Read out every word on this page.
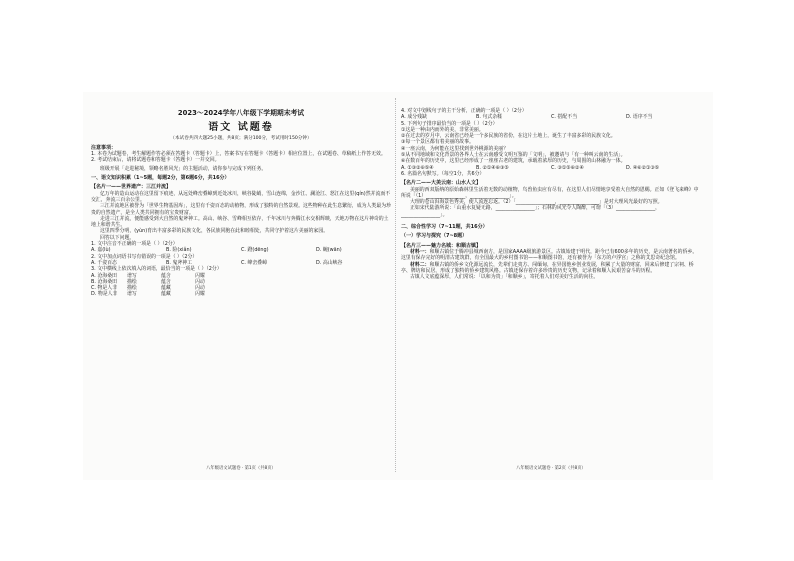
2023～2024学年八年级下学期期末考试
语文 试题卷
（本试卷共四大题25小题，共8页；满分100分，考试用时150分钟）
注意事项：

1. 本卷为试题卷，考生解题作答必须在答题卡（答题卡）上，答案书写在答题卡（答题卡）相应位置上，在试题卷、草稿纸上作答无效。

2. 考试结束后，请将试题卷和答题卡（答题卡）一并交回。

班级开展「走进秘境，领略名胜风光」的主题活动，请你参与完成下列任务。

一、语文知识积累（1~5题，每题2分，第6题6分，共16分）
【名片一——世界遗产：三江并流】

亿万年的造山运动在这里留下痕迹，从远处峰峦叠嶂到近处冰川，峡谷陡峭，雪山连绵，金沙江、澜沧江、怒江在这里(qín)然并流而不交汇，奔流三百余公里。

三江并流地区被誉为「世界生物基因库」，这里有千姿百态的动植物，形成了独特的自然景观。这些物种在此生息繁衍，成为人类最为珍贵的自然遗产，是全人类共同拥有的宝贵财富。

走进三江并流，便能感受到大自然的鬼斧神工。高山、峡谷、雪峰相互依存，千年冰川与奔腾江水交相辉映，天地万物在这片神奇的土地上和谐共生。

这里四季分明，(yùn)育出丰富多彩的民族文化，各民族同胞在此和睦相处，共同守护着这片美丽的家园。

回答以下问题。

1. 文中注音不正确的一项是（ ）（2分）

A. 嘉(lù)	B. 险(xiǎn)	C. 蹬(dēng)	D. 蜿(wān)

2. 文中加点词语书写有错误的一项是（ ）（2分）

A. 千姿百态	B. 鬼斧神工	C. 峰峦叠嶂	D. 高山峡谷

3. 文中横线上依次填入的词语，最恰当的一项是（ ）（2分）

A. 沧海桑田	谱写	蕴含	闪耀
B. 沧海桑田	描绘	蕴含	闪动
C. 物是人非	描绘	蕴藏	闪动
D. 物是人非	谱写	蕴藏	闪耀
八年级语文试题卷 · 第1页（共8页）

4. 对文中划线句子的主干分析，正确的一项是（ ）（2分）

A. 成分残缺	B. 句式杂糅	C. 搭配不当	D. 语序不当

5. 下列句子排序最恰当的一项是（ ）（2分）

①这是一种由内而外的美，非常美丽。

②在过去的岁月中，云南省已经是一个多民族的省份，在这片土地上，诞生了丰富多彩的民族文化。

③每一个景区都有着美丽的故事。

④一座云南，为何能在这里找到世外桃源的美丽？

⑤从不同地域和文化背景的各界人士在云南感受文明互鉴的「文明」，被邀请与「有一种叫云南的生活」。

⑥在数百年的历史中，这里已经形成了一座座古老的建筑，承载着浓厚的历史，与周围的山林融为一体。

A. ①③②⑥⑤④	B. ②①④⑥③⑤	C. ③①⑤⑥②④	D. ④⑥②①③⑤

6. 名篇名句默写。（每空1分，共6分）

【名片二——大美云南：山水人文】

美丽的西双版纳的原始森林里生活着无数的动植物，鸟兽鱼虫应有尽有，在这里人们尽情地享受着大自然的恩赐。正如《登飞来峰》中所说「（1）________________，________________」。

大理的苍山洱海景色秀美，使人流连忘返。（2）「________________，________________」是对大理风光最好的写照。

正如宋代陆游所说：「山重水复疑无路，________________」；石林的风光令人陶醉，可谓「（3）________________，________________」。

二、综合性学习（7~11题，共16分）
（一）学习与探究（7~8题）
【名片三——魅力名城：和顺古镇】

材料一：和顺古镇位于腾冲县城西南方，是国家AAAA级旅游景区。古镇始建于明代，距今已有600多年的历史，是云南著名的侨乡。这里有保存完好的明清古建筑群，有全国最大的乡村图书馆——和顺图书馆，还有被誉为「东方的卢浮宫」之称的艾思奇纪念馆。

材料二：和顺古镇的侨乡文化源远流长，先辈们走夷方、闯缅甸，在异国他乡创业发展，积累了大量的财富，回来后修建了宗祠、桥亭、牌坊和民居，形成了独特的侨乡建筑风格。古镇还保存着许多珍贵的历史文物，记录着和顺人民艰苦奋斗的历程。

古镇人文底蕴深厚，人们常说：「以和为贵」「和顺乡」，寄托着人们对美好生活的向往。

八年级语文试题卷 · 第2页（共8页）
